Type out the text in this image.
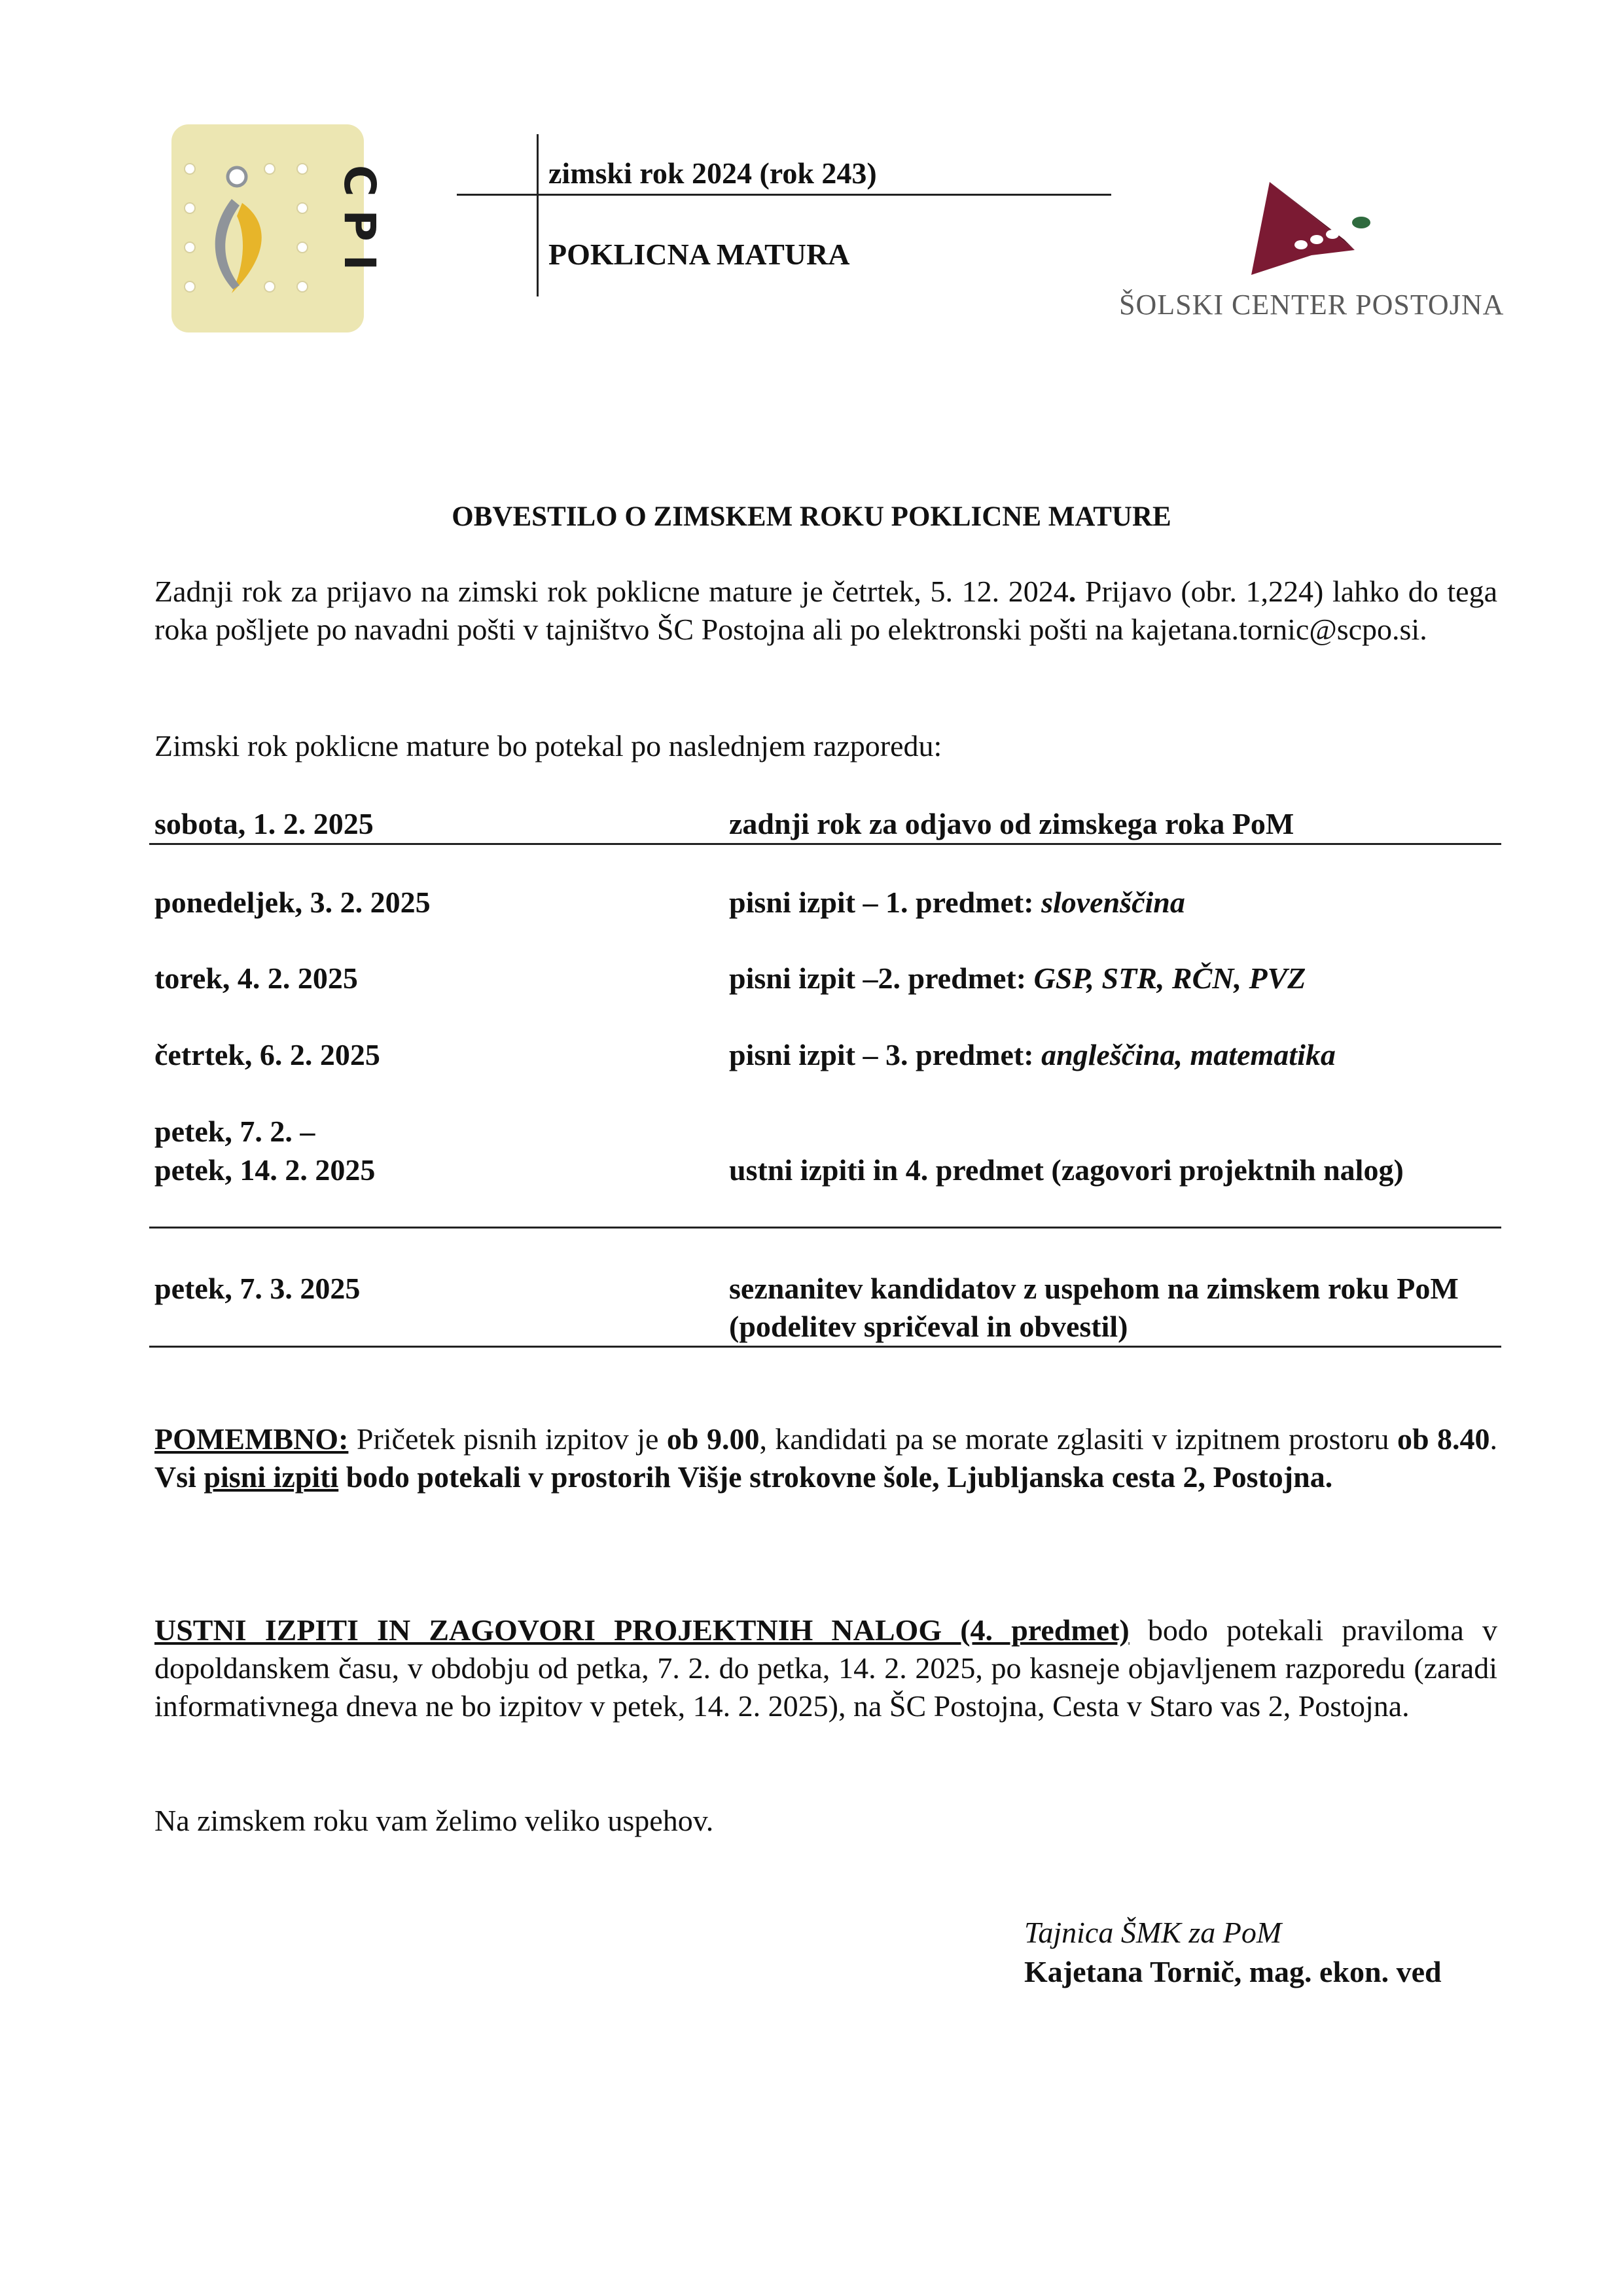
CPI	zimski rok 2024 (rok 243)
POKLICNA MATURA
ŠOLSKI CENTER POSTOJNA
OBVESTILO O ZIMSKEM ROKU POKLICNE MATURE
Zadnji rok za prijavo na zimski rok poklicne mature je četrtek, 5. 12. 2024. Prijavo (obr. 1,224) lahko do tega roka pošljete po navadni pošti v tajništvo ŠC Postojna ali po elektronski pošti na kajetana.tornic@scpo.si.
Zimski rok poklicne mature bo potekal po naslednjem razporedu:
sobota, 1. 2. 2025	zadnji rok za odjavo od zimskega roka PoM
ponedeljek, 3. 2. 2025	pisni izpit – 1. predmet: slovenščina
torek, 4. 2. 2025	pisni izpit –2. predmet: GSP, STR, RČN, PVZ
četrtek, 6. 2. 2025	pisni izpit – 3. predmet: angleščina, matematika
petek, 7. 2. –
petek, 14. 2. 2025	ustni izpiti in 4. predmet (zagovori projektnih nalog)
petek, 7. 3. 2025	seznanitev kandidatov z uspehom na zimskem roku PoM (podelitev spričeval in obvestil)
POMEMBNO: Pričetek pisnih izpitov je ob 9.00, kandidati pa se morate zglasiti v izpitnem prostoru ob 8.40. Vsi pisni izpiti bodo potekali v prostorih Višje strokovne šole, Ljubljanska cesta 2, Postojna.
USTNI IZPITI IN ZAGOVORI PROJEKTNIH NALOG (4. predmet) bodo potekali praviloma v dopoldanskem času, v obdobju od petka, 7. 2. do petka, 14. 2. 2025, po kasneje objavljenem razporedu (zaradi informativnega dneva ne bo izpitov v petek, 14. 2. 2025), na ŠC Postojna, Cesta v Staro vas 2, Postojna.
Na zimskem roku vam želimo veliko uspehov.
Tajnica ŠMK za PoM
Kajetana Tornič, mag. ekon. ved
